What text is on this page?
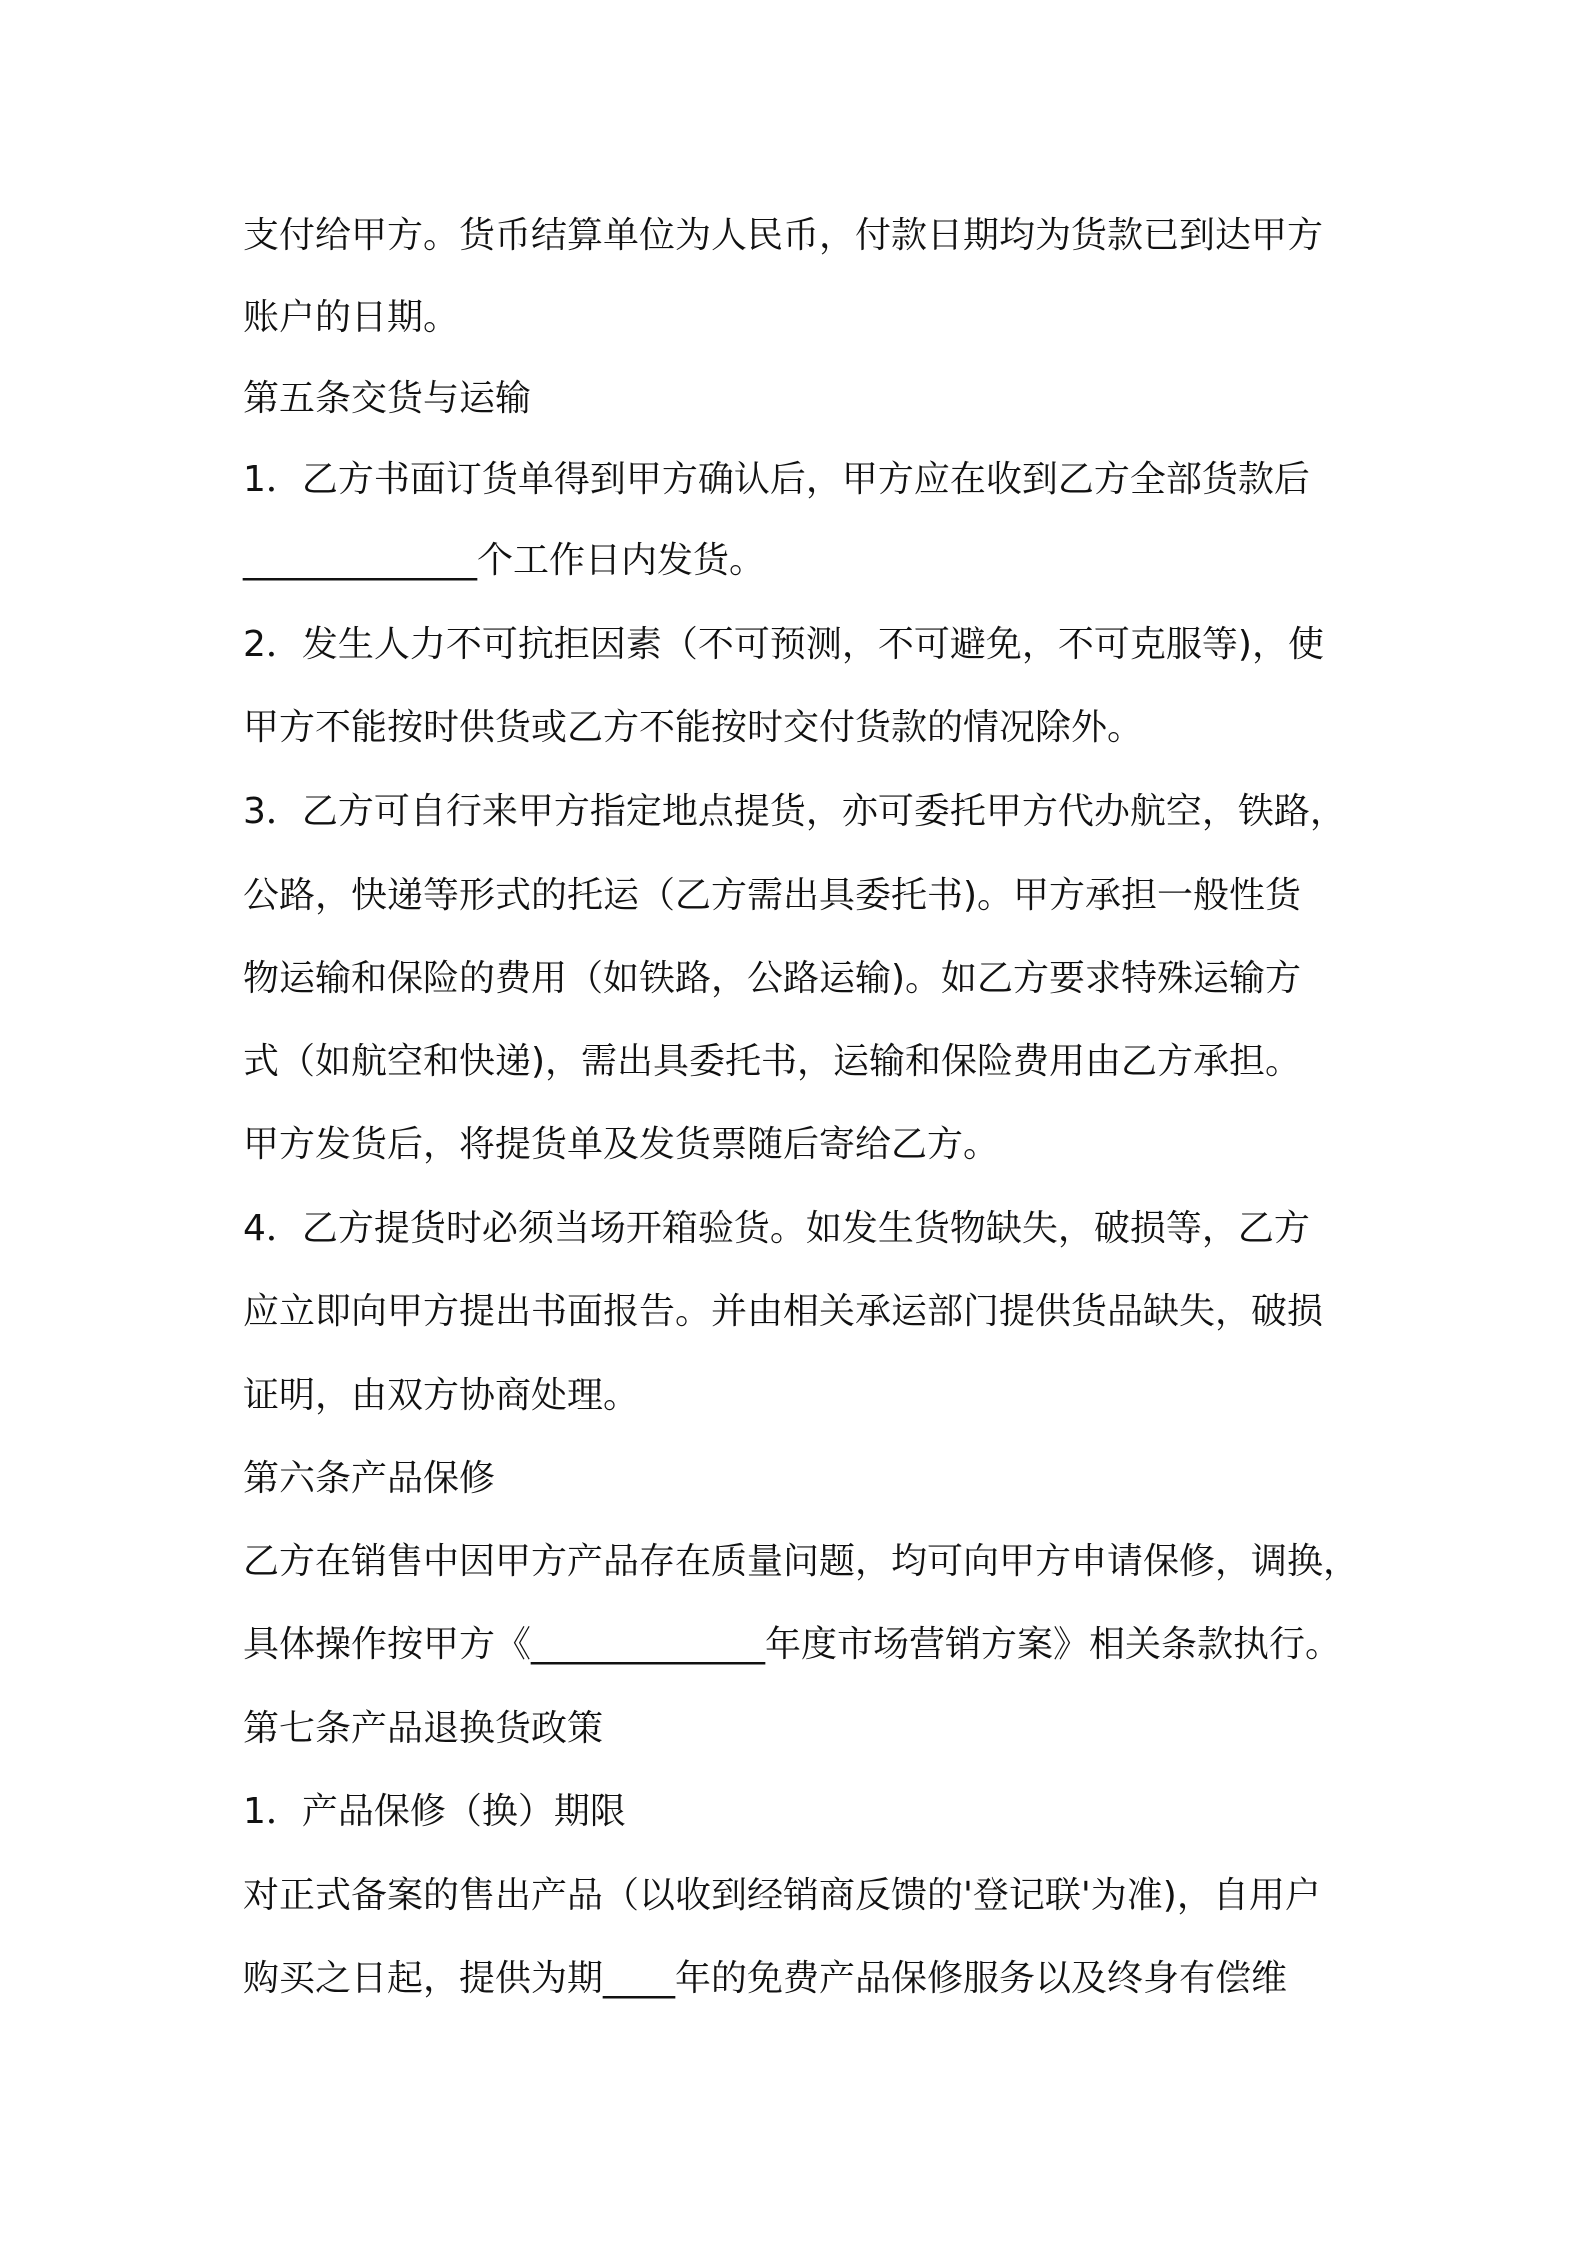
支付给甲方。货币结算单位为人民币，付款日期均为货款已到达甲方
账户的日期。
第五条交货与运输
1．乙方书面订货单得到甲方确认后，甲方应在收到乙方全部货款后
_____________个工作日内发货。
2．发生人力不可抗拒因素（不可预测，不可避免，不可克服等)，使
甲方不能按时供货或乙方不能按时交付货款的情况除外。
3．乙方可自行来甲方指定地点提货，亦可委托甲方代办航空，铁路，
公路，快递等形式的托运（乙方需出具委托书)。甲方承担一般性货
物运输和保险的费用（如铁路，公路运输)。如乙方要求特殊运输方
式（如航空和快递)，需出具委托书，运输和保险费用由乙方承担。
甲方发货后，将提货单及发货票随后寄给乙方。
4．乙方提货时必须当场开箱验货。如发生货物缺失，破损等，乙方
应立即向甲方提出书面报告。并由相关承运部门提供货品缺失，破损
证明，由双方协商处理。
第六条产品保修
乙方在销售中因甲方产品存在质量问题，均可向甲方申请保修，调换，
具体操作按甲方《_____________年度市场营销方案》相关条款执行。
第七条产品退换货政策
1．产品保修（换）期限
对正式备案的售出产品（以收到经销商反馈的'登记联'为准)，自用户
购买之日起，提供为期____年的免费产品保修服务以及终身有偿维
